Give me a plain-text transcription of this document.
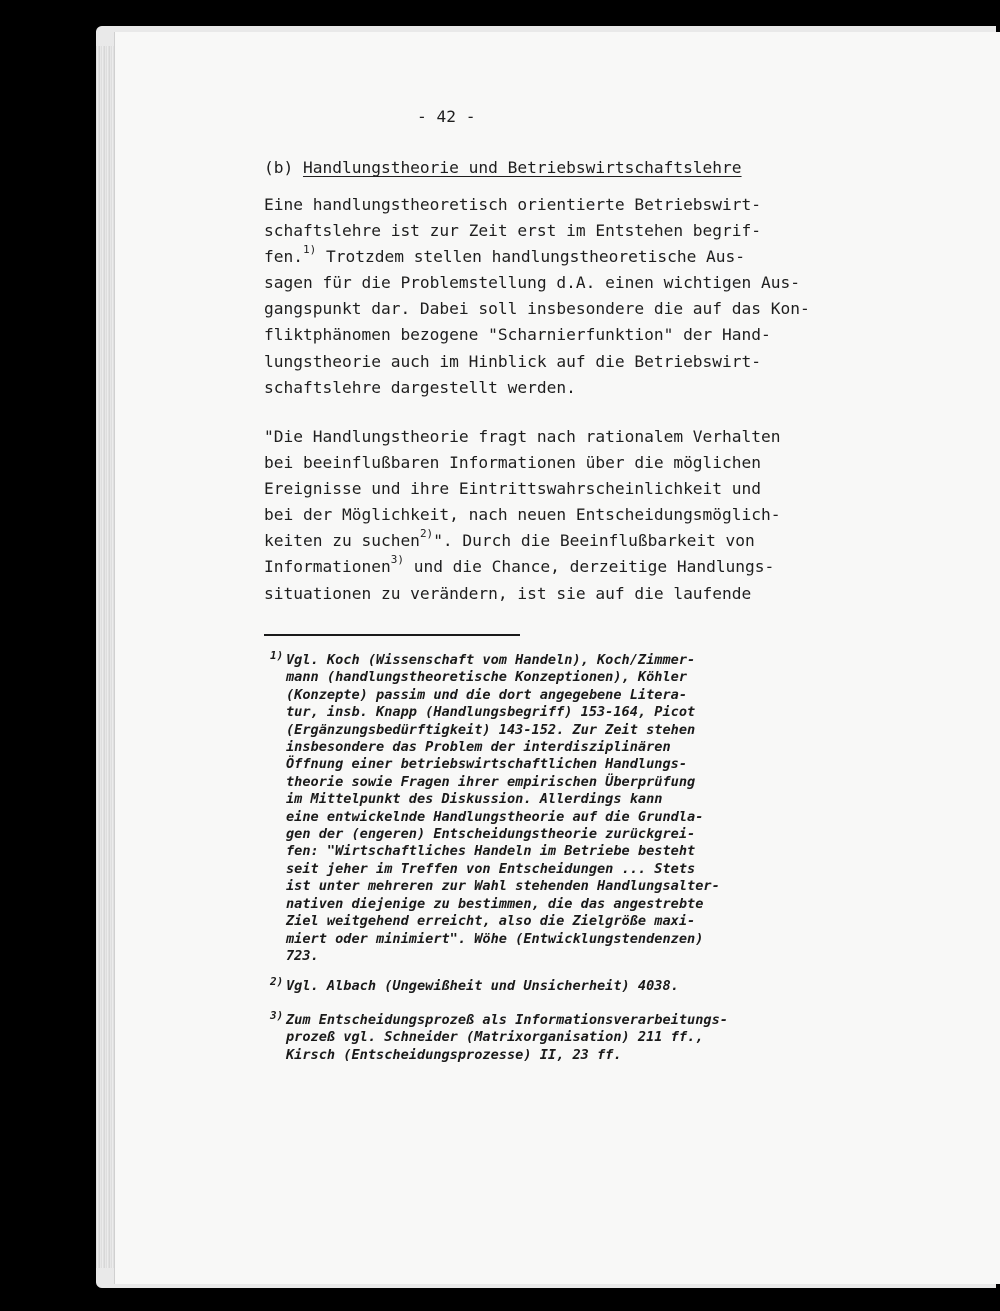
- 42 -
(b) Handlungstheorie und Betriebswirtschaftslehre

Eine handlungstheoretisch orientierte Betriebswirt-
schaftslehre ist zur Zeit erst im Entstehen begrif-
fen.$^{1)}$ Trotzdem stellen handlungstheoretische Aus-
sagen für die Problemstellung d.A. einen wichtigen Aus-
gangspunkt dar. Dabei soll insbesondere die auf das Kon-
fliktphänomen bezogene "Scharnierfunktion" der Hand-
lungstheorie auch im Hinblick auf die Betriebswirt-
schaftslehre dargestellt werden.

"Die Handlungstheorie fragt nach rationalem Verhalten
bei beeinflußbaren Informationen über die möglichen
Ereignisse und ihre Eintrittswahrscheinlichkeit und
bei der Möglichkeit, nach neuen Entscheidungsmöglich-
keiten zu suchen$^{2)}$". Durch die Beeinflußbarkeit von
Informationen$^{3)}$ und die Chance, derzeitige Handlungs-
situationen zu verändern, ist sie auf die laufende

1) Vgl. Koch (Wissenschaft vom Handeln), Koch/Zimmer-
mann (handlungstheoretische Konzeptionen), Köhler
(Konzepte) passim und die dort angegebene Litera-
tur, insb. Knapp (Handlungsbegriff) 153-164, Picot
(Ergänzungsbedürftigkeit) 143-152. Zur Zeit stehen
insbesondere das Problem der interdisziplinären
Öffnung einer betriebswirtschaftlichen Handlungs-
theorie sowie Fragen ihrer empirischen Überprüfung
im Mittelpunkt des Diskussion. Allerdings kann
eine entwickelnde Handlungstheorie auf die Grundla-
gen der (engeren) Entscheidungstheorie zurückgrei-
fen: "Wirtschaftliches Handeln im Betriebe besteht
seit jeher im Treffen von Entscheidungen ... Stets
ist unter mehreren zur Wahl stehenden Handlungsalter-
nativen diejenige zu bestimmen, die das angestrebte
Ziel weitgehend erreicht, also die Zielgröße maxi-
miert oder minimiert". Wöhe (Entwicklungstendenzen)
723.

2) Vgl. Albach (Ungewißheit und Unsicherheit) 4038.

3) Zum Entscheidungsprozeß als Informationsverarbeitungs-
prozeß vgl. Schneider (Matrixorganisation) 211 ff.,
Kirsch (Entscheidungsprozesse) II, 23 ff.
